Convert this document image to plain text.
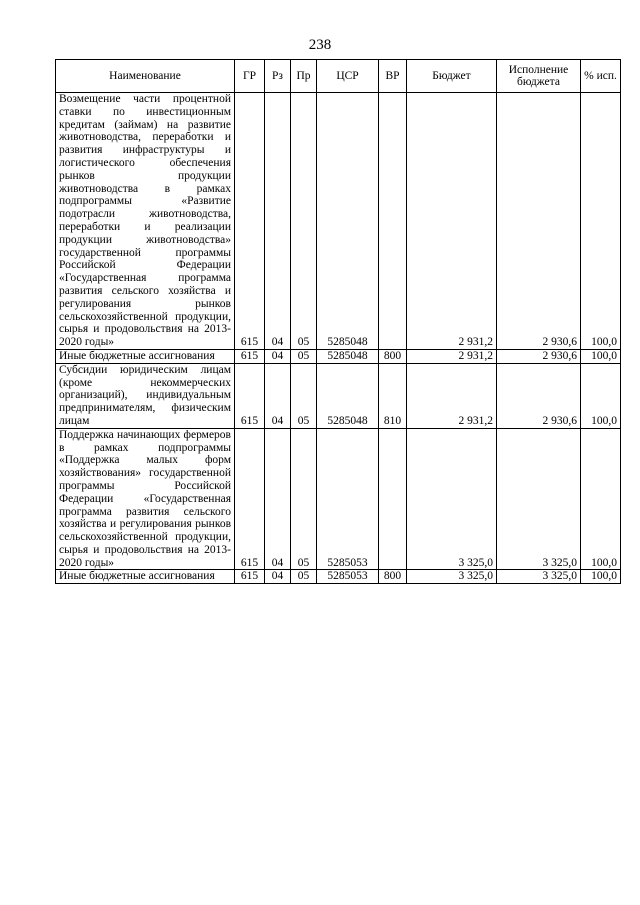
238
Наименование	ГР	Рз	Пр	ЦСР	ВР	Бюджет	Исполнение бюджета	% исп.

Возмещение части процентной ставки по инвестиционным кредитам (займам) на развитие животноводства, переработки и развития инфраструктуры и логистического обеспечения рынков продукции животноводства в рамках подпрограммы «Развитие подотрасли животноводства, переработки и реализации продукции животноводства» государственной программы Российской Федерации «Государственная программа развития сельского хозяйства и регулирования рынков сельскохозяйственной продукции, сырья и продовольствия на 2013-2020 годы»	615	04	05	5285048		2 931,2	2 930,6	100,0

Иные бюджетные ассигнования	615	04	05	5285048	800	2 931,2	2 930,6	100,0

Субсидии юридическим лицам (кроме некоммерческих организаций), индивидуальным предпринимателям, физическим лицам	615	04	05	5285048	810	2 931,2	2 930,6	100,0

Поддержка начинающих фермеров в рамках подпрограммы «Поддержка малых форм хозяйствования» государственной программы Российской Федерации «Государственная программа развития сельского хозяйства и регулирования рынков сельскохозяйственной продукции, сырья и продовольствия на 2013-2020 годы»	615	04	05	5285053		3 325,0	3 325,0	100,0

Иные бюджетные ассигнования	615	04	05	5285053	800	3 325,0	3 325,0	100,0
